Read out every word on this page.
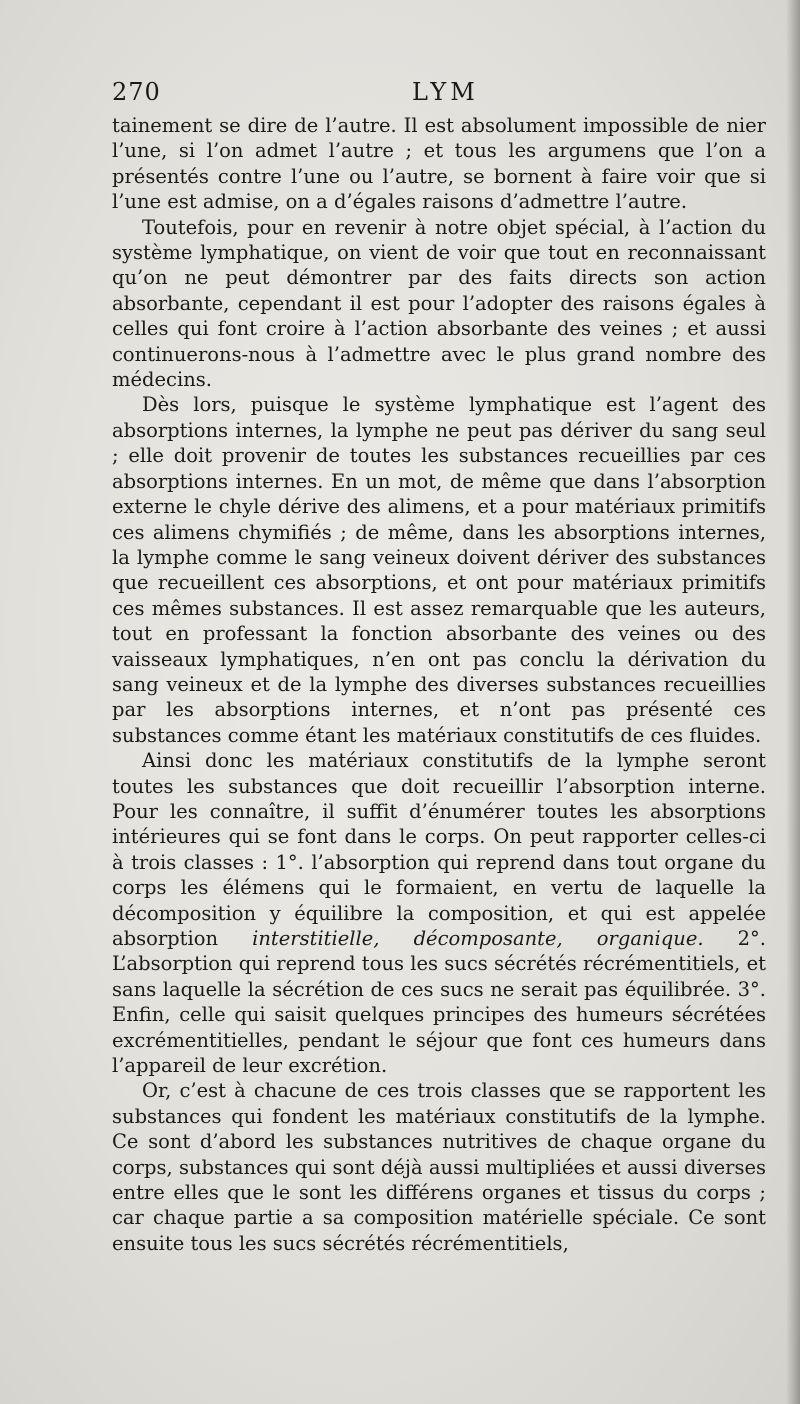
270	LYM

tainement se dire de l’autre. Il est absolument impossible de nier l’une, si l’on admet l’autre ; et tous les argumens que l’on a présentés contre l’une ou l’autre, se bornent à faire voir que si l’une est admise, on a d’égales raisons d’admettre l’autre.

Toutefois, pour en revenir à notre objet spécial, à l’action du système lymphatique, on vient de voir que tout en reconnaissant qu’on ne peut démontrer par des faits directs son action absorbante, cependant il est pour l’adopter des raisons égales à celles qui font croire à l’action absorbante des veines ; et aussi continuerons-nous à l’admettre avec le plus grand nombre des médecins.

Dès lors, puisque le système lymphatique est l’agent des absorptions internes, la lymphe ne peut pas dériver du sang seul ; elle doit provenir de toutes les substances recueillies par ces absorptions internes. En un mot, de même que dans l’absorption externe le chyle dérive des alimens, et a pour matériaux primitifs ces alimens chymifiés ; de même, dans les absorptions internes, la lymphe comme le sang veineux doivent dériver des substances que recueillent ces absorptions, et ont pour matériaux primitifs ces mêmes substances. Il est assez remarquable que les auteurs, tout en professant la fonction absorbante des veines ou des vaisseaux lymphatiques, n’en ont pas conclu la dérivation du sang veineux et de la lymphe des diverses substances recueillies par les absorptions internes, et n’ont pas présenté ces substances comme étant les matériaux constitutifs de ces fluides.

Ainsi donc les matériaux constitutifs de la lymphe seront toutes les substances que doit recueillir l’absorption interne. Pour les connaître, il suffit d’énumérer toutes les absorptions intérieures qui se font dans le corps. On peut rapporter celles-ci à trois classes : 1°. l’absorption qui reprend dans tout organe du corps les élémens qui le formaient, en vertu de laquelle la décomposition y équilibre la composition, et qui est appelée absorption interstitielle, décomposante, organique. 2°. L’absorption qui reprend tous les sucs sécrétés récrémentitiels, et sans laquelle la sécrétion de ces sucs ne serait pas équilibrée. 3°. Enfin, celle qui saisit quelques principes des humeurs sécrétées excrémentitielles, pendant le séjour que font ces humeurs dans l’appareil de leur excrétion.

Or, c’est à chacune de ces trois classes que se rapportent les substances qui fondent les matériaux constitutifs de la lymphe. Ce sont d’abord les substances nutritives de chaque organe du corps, substances qui sont déjà aussi multipliées et aussi diverses entre elles que le sont les différens organes et tissus du corps ; car chaque partie a sa composition matérielle spéciale. Ce sont ensuite tous les sucs sécrétés récrémentitiels,
